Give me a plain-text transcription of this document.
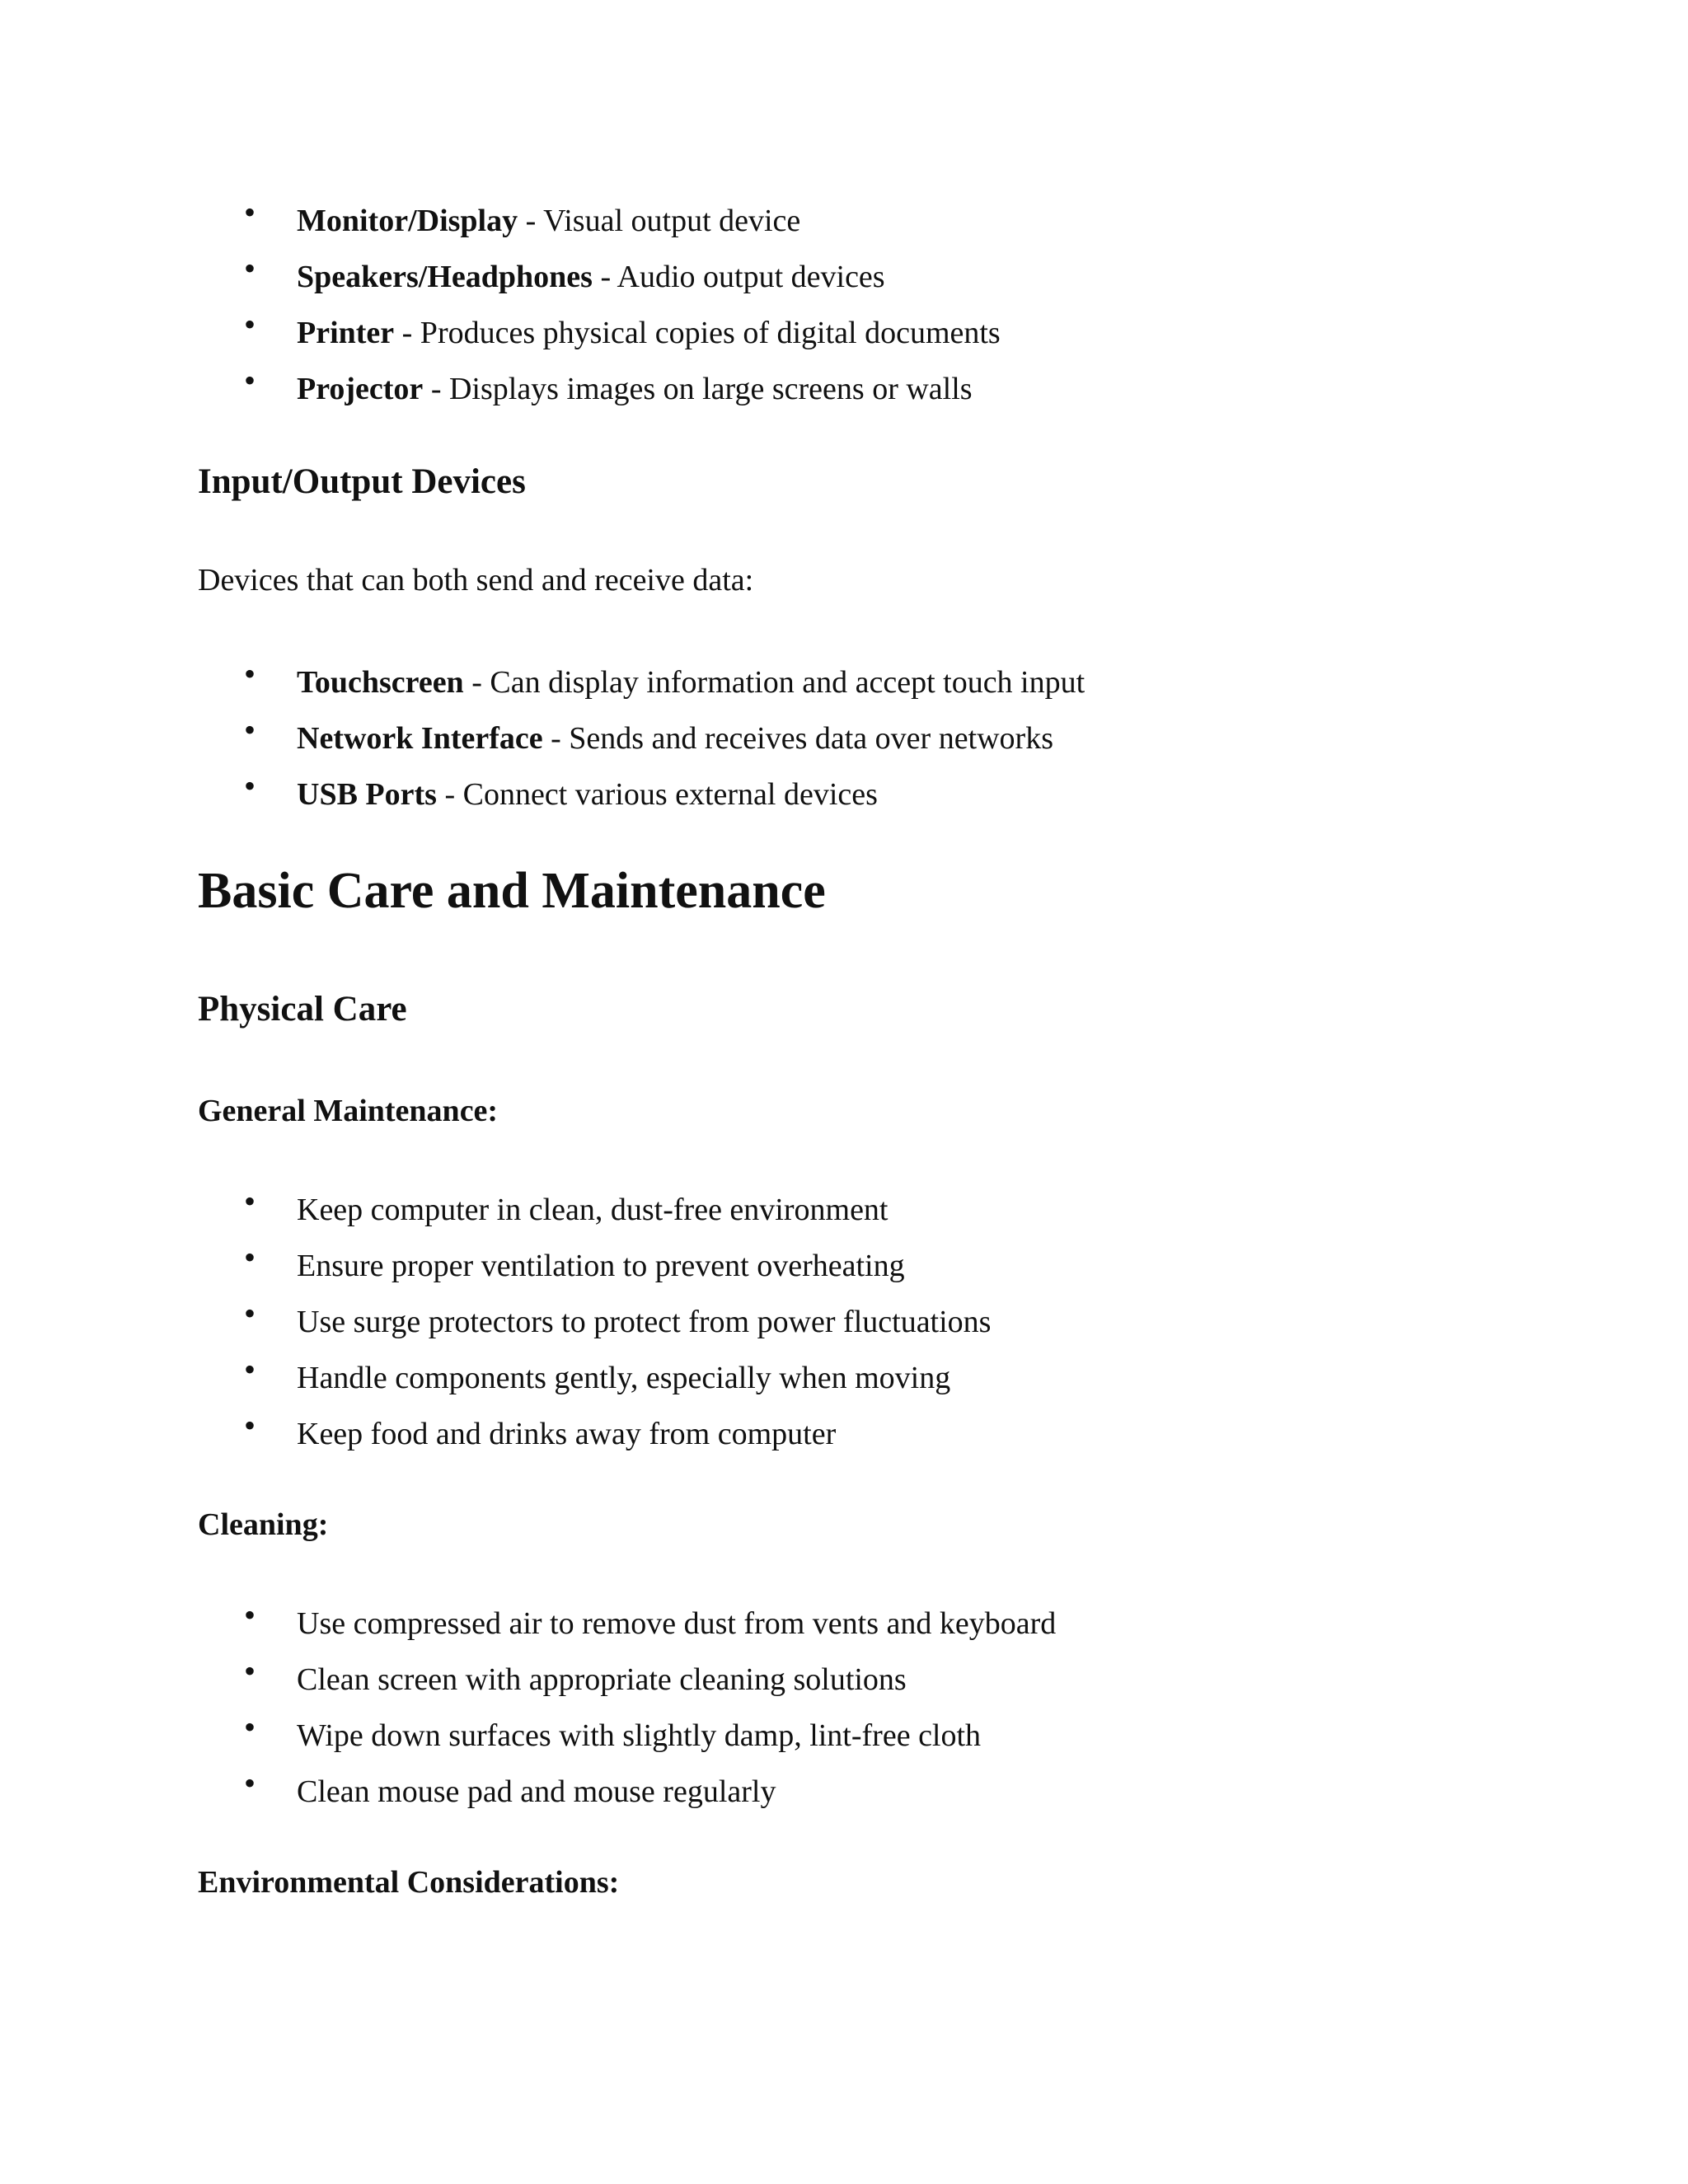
• Monitor/Display - Visual output device
• Speakers/Headphones - Audio output devices
• Printer - Produces physical copies of digital documents
• Projector - Displays images on large screens or walls
Input/Output Devices
Devices that can both send and receive data:
• Touchscreen - Can display information and accept touch input
• Network Interface - Sends and receives data over networks
• USB Ports - Connect various external devices
Basic Care and Maintenance
Physical Care
General Maintenance:
• Keep computer in clean, dust-free environment
• Ensure proper ventilation to prevent overheating
• Use surge protectors to protect from power fluctuations
• Handle components gently, especially when moving
• Keep food and drinks away from computer
Cleaning:
• Use compressed air to remove dust from vents and keyboard
• Clean screen with appropriate cleaning solutions
• Wipe down surfaces with slightly damp, lint-free cloth
• Clean mouse pad and mouse regularly
Environmental Considerations:
